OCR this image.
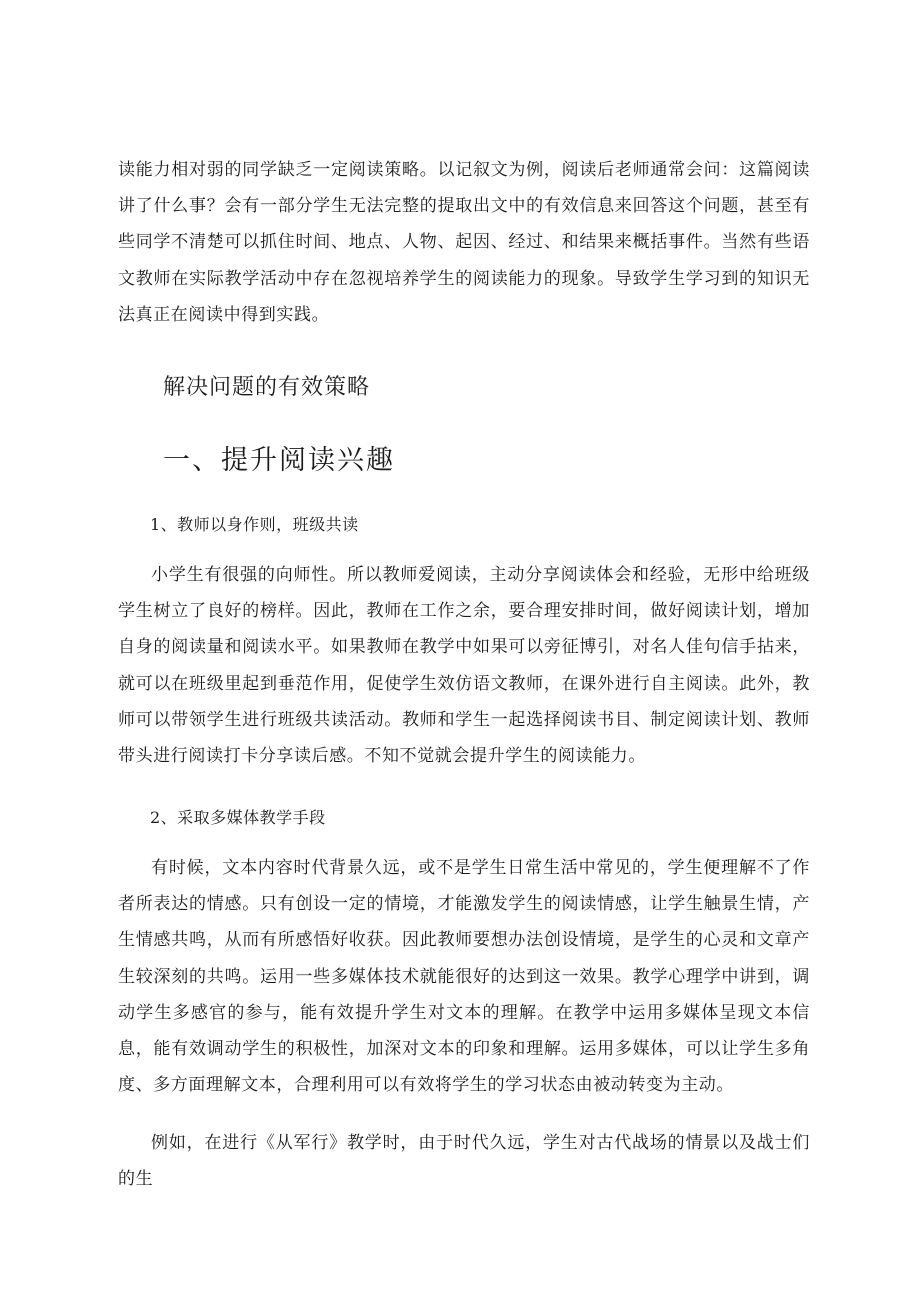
读能力相对弱的同学缺乏一定阅读策略。以记叙文为例，阅读后老师通常会问：这篇阅读讲了什么事？会有一部分学生无法完整的提取出文中的有效信息来回答这个问题，甚至有些同学不清楚可以抓住时间、地点、人物、起因、经过、和结果来概括事件。当然有些语文教师在实际教学活动中存在忽视培养学生的阅读能力的现象。导致学生学习到的知识无法真正在阅读中得到实践。

解决问题的有效策略

一、提升阅读兴趣

1、教师以身作则，班级共读

小学生有很强的向师性。所以教师爱阅读，主动分享阅读体会和经验，无形中给班级学生树立了良好的榜样。因此，教师在工作之余，要合理安排时间，做好阅读计划，增加自身的阅读量和阅读水平。如果教师在教学中如果可以旁征博引，对名人佳句信手拈来，就可以在班级里起到垂范作用，促使学生效仿语文教师，在课外进行自主阅读。此外，教师可以带领学生进行班级共读活动。教师和学生一起选择阅读书目、制定阅读计划、教师带头进行阅读打卡分享读后感。不知不觉就会提升学生的阅读能力。

2、采取多媒体教学手段

有时候，文本内容时代背景久远，或不是学生日常生活中常见的，学生便理解不了作者所表达的情感。只有创设一定的情境，才能激发学生的阅读情感，让学生触景生情，产生情感共鸣，从而有所感悟好收获。因此教师要想办法创设情境，是学生的心灵和文章产生较深刻的共鸣。运用一些多媒体技术就能很好的达到这一效果。教学心理学中讲到，调动学生多感官的参与，能有效提升学生对文本的理解。在教学中运用多媒体呈现文本信息，能有效调动学生的积极性，加深对文本的印象和理解。运用多媒体，可以让学生多角度、多方面理解文本，合理利用可以有效将学生的学习状态由被动转变为主动。

例如，在进行《从军行》教学时，由于时代久远，学生对古代战场的情景以及战士们的生
